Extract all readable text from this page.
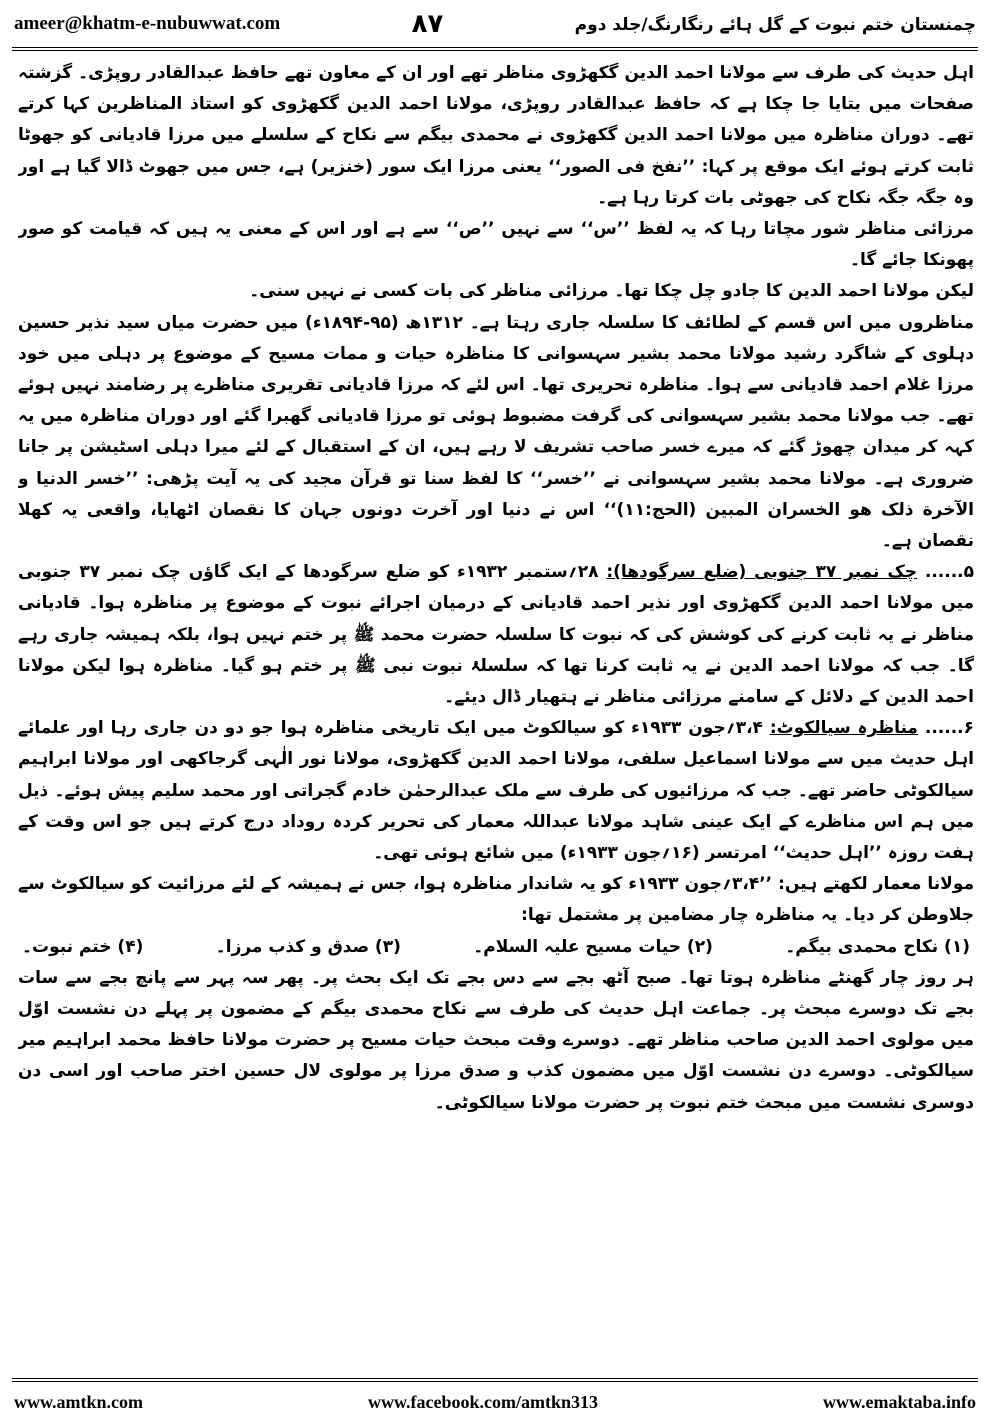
ameer@khatm-e-nubuwwat.com	۸۷	چمنستان ختم نبوت کے گل ہائے رنگارنگ/جلد دوم

اہل حدیث کی طرف سے مولانا احمد الدین گکھڑوی مناظر تھے اور ان کے معاون تھے حافظ عبدالقادر روپڑی۔ گزشتہ صفحات میں بتایا جا چکا ہے کہ حافظ عبدالقادر روپڑی، مولانا احمد الدین گکھڑوی کو استاذ المناظرین کہا کرتے تھے۔ دوران مناظرہ میں مولانا احمد الدین گکھڑوی نے محمدی بیگم سے نکاح کے سلسلے میں مرزا قادیانی کو جھوٹا ثابت کرتے ہوئے ایک موقع پر کہا: ’’نفخ فی الصور‘‘ یعنی مرزا ایک سور (خنزیر) ہے، جس میں جھوٹ ڈالا گیا ہے اور وہ جگہ جگہ نکاح کی جھوٹی بات کرتا رہا ہے۔

مرزائی مناظر شور مچاتا رہا کہ یہ لفظ ’’س‘‘ سے نہیں ’’ص‘‘ سے ہے اور اس کے معنی یہ ہیں کہ قیامت کو صور پھونکا جائے گا۔

لیکن مولانا احمد الدین کا جادو چل چکا تھا۔ مرزائی مناظر کی بات کسی نے نہیں سنی۔

مناظروں میں اس قسم کے لطائف کا سلسلہ جاری رہتا ہے۔ ۱۳۱۲ھ (۹۵-۱۸۹۴ء) میں حضرت میاں سید نذیر حسین دہلوی کے شاگرد رشید مولانا محمد بشیر سہسوانی کا مناظرہ حیات و ممات مسیح کے موضوع پر دہلی میں خود مرزا غلام احمد قادیانی سے ہوا۔ مناظرہ تحریری تھا۔ اس لئے کہ مرزا قادیانی تقریری مناظرے پر رضامند نہیں ہوئے تھے۔ جب مولانا محمد بشیر سہسوانی کی گرفت مضبوط ہوئی تو مرزا قادیانی گھبرا گئے اور دوران مناظرہ میں یہ کہہ کر میدان چھوڑ گئے کہ میرے خسر صاحب تشریف لا رہے ہیں، ان کے استقبال کے لئے میرا دہلی اسٹیشن پر جانا ضروری ہے۔ مولانا محمد بشیر سہسوانی نے ’’خسر‘‘ کا لفظ سنا تو قرآن مجید کی یہ آیت پڑھی: ’’خسر الدنیا و الآخرة ذلک هو الخسران المبین (الحج:۱۱)‘‘ اس نے دنیا اور آخرت دونوں جہان کا نقصان اٹھایا، واقعی یہ کھلا نقصان ہے۔

۵...... چک نمبر ۳۷ جنوبی (ضلع سرگودھا): ۲۸؍ستمبر ۱۹۳۲ء کو ضلع سرگودھا کے ایک گاؤں چک نمبر ۳۷ جنوبی میں مولانا احمد الدین گکھڑوی اور نذیر احمد قادیانی کے درمیان اجرائے نبوت کے موضوع پر مناظرہ ہوا۔ قادیانی مناظر نے یہ ثابت کرنے کی کوشش کی کہ نبوت کا سلسلہ حضرت محمد ﷺ پر ختم نہیں ہوا، بلکہ ہمیشہ جاری رہے گا۔ جب کہ مولانا احمد الدین نے یہ ثابت کرنا تھا کہ سلسلۂ نبوت نبی ﷺ پر ختم ہو گیا۔ مناظرہ ہوا لیکن مولانا احمد الدین کے دلائل کے سامنے مرزائی مناظر نے ہتھیار ڈال دیئے۔

۶...... مناظرہ سیالکوٹ: ۳،۴؍جون ۱۹۳۳ء کو سیالکوٹ میں ایک تاریخی مناظرہ ہوا جو دو دن جاری رہا اور علمائے اہل حدیث میں سے مولانا اسماعیل سلفی، مولانا احمد الدین گکھڑوی، مولانا نور الٰہی گرجاکھی اور مولانا ابراہیم سیالکوٹی حاضر تھے۔ جب کہ مرزائیوں کی طرف سے ملک عبدالرحمٰن خادم گجراتی اور محمد سلیم پیش ہوئے۔ ذیل میں ہم اس مناظرے کے ایک عینی شاہد مولانا عبداللہ معمار کی تحریر کردہ روداد درج کرتے ہیں جو اس وقت کے ہفت روزہ ’’اہل حدیث‘‘ امرتسر (۱۶؍جون ۱۹۳۳ء) میں شائع ہوئی تھی۔

مولانا معمار لکھتے ہیں: ’’۳،۴؍جون ۱۹۳۳ء کو یہ شاندار مناظرہ ہوا، جس نے ہمیشہ کے لئے مرزائیت کو سیالکوٹ سے جلاوطن کر دیا۔ یہ مناظرہ چار مضامین پر مشتمل تھا:

(۱) نکاح محمدی بیگم۔
(۲) حیات مسیح علیہ السلام۔
(۳) صدق و کذب مرزا۔
(۴) ختم نبوت۔

ہر روز چار گھنٹے مناظرہ ہوتا تھا۔ صبح آٹھ بجے سے دس بجے تک ایک بحث پر۔ پھر سہ پہر سے پانچ بجے سے سات بجے تک دوسرے مبحث پر۔ جماعت اہل حدیث کی طرف سے نکاح محمدی بیگم کے مضمون پر پہلے دن نشست اوّل میں مولوی احمد الدین صاحب مناظر تھے۔ دوسرے وقت مبحث حیات مسیح پر حضرت مولانا حافظ محمد ابراہیم میر سیالکوٹی۔ دوسرے دن نشست اوّل میں مضمون کذب و صدق مرزا پر مولوی لال حسین اختر صاحب اور اسی دن دوسری نشست میں مبحث ختم نبوت پر حضرت مولانا سیالکوٹی۔

www.amtkn.com	www.facebook.com/amtkn313	www.emaktaba.info
